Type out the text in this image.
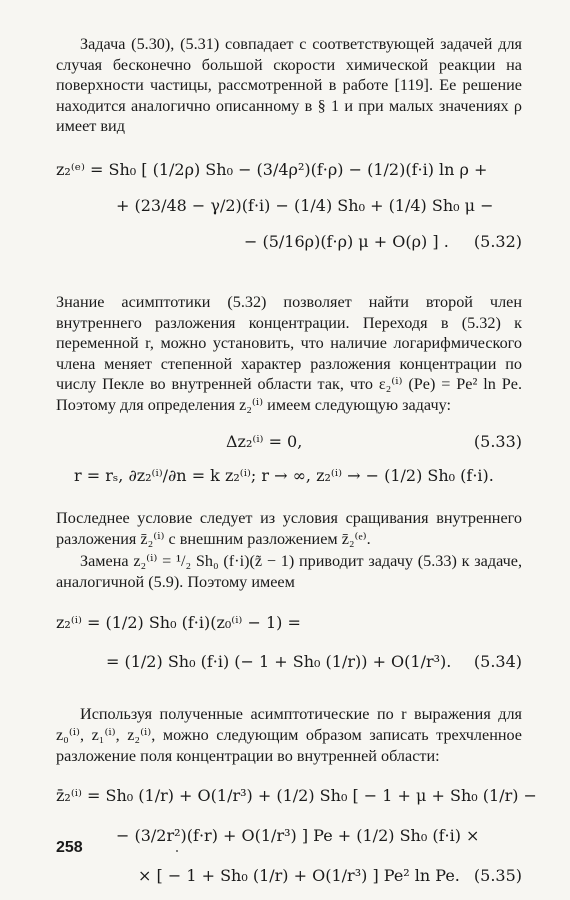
Задача (5.30), (5.31) совпадает с соответствующей задачей для случая бесконечно большой скорости химической реакции на поверхности частицы, рассмотренной в работе [119]. Ее решение находится аналогично описанному в § 1 и при малых значениях ρ имеет вид

z₂⁽ᵉ⁾ = Sh₀ [ (1/2ρ) Sh₀ − (3/4ρ²)(f·ρ) − (1/2)(f·i) ln ρ +
+ (23/48 − γ/2)(f·i) − (1/4) Sh₀ + (1/4) Sh₀ μ −
− (5/16ρ)(f·ρ) μ + O(ρ) ] .	(5.32)

Знание асимптотики (5.32) позволяет найти второй член внутреннего разложения концентрации. Переходя в (5.32) к переменной r, можно установить, что наличие логарифмического члена меняет степенной характер разложения концентрации по числу Пекле во внутренней области так, что ε₂⁽ⁱ⁾ (Pe) = Pe² ln Pe. Поэтому для определения z₂⁽ⁱ⁾ имеем следующую задачу:

Δz₂⁽ⁱ⁾ = 0,
r = rₛ, ∂z₂⁽ⁱ⁾/∂n = k z₂⁽ⁱ⁾; r → ∞, z₂⁽ⁱ⁾ → − (1/2) Sh₀ (f·i).
(5.33)

Последнее условие следует из условия сращивания внутреннего разложения z̄₂⁽ⁱ⁾ с внешним разложением z̄₂⁽ᵉ⁾.

Замена z₂⁽ⁱ⁾ = ¹/₂ Sh₀ (f·i)(z̃ − 1) приводит задачу (5.33) к задаче, аналогичной (5.9). Поэтому имеем

z₂⁽ⁱ⁾ = (1/2) Sh₀ (f·i)(z₀⁽ⁱ⁾ − 1) =
= (1/2) Sh₀ (f·i) (− 1 + Sh₀ (1/r)) + O(1/r³).	(5.34)

Используя полученные асимптотические по r выражения для z₀⁽ⁱ⁾, z₁⁽ⁱ⁾, z₂⁽ⁱ⁾, можно следующим образом записать трехчленное разложение поля концентрации во внутренней области:

z̄₂⁽ⁱ⁾ = Sh₀ (1/r) + O(1/r³) + (1/2) Sh₀ [ − 1 + μ + Sh₀ (1/r) −
− (3/2r²)(f·r) + O(1/r³) ] Pe + (1/2) Sh₀ (f·i) ×
× [ − 1 + Sh₀ (1/r) + O(1/r³) ] Pe² ln Pe. (5.35)
258
